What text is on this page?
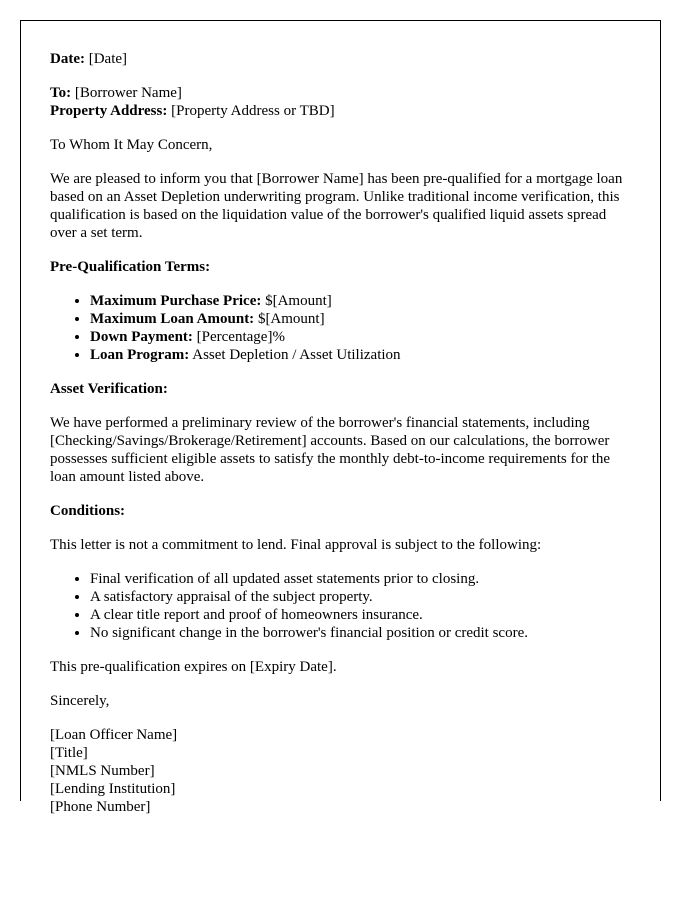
Date: [Date]

To: [Borrower Name]

Property Address: [Property Address or TBD]

To Whom It May Concern,

We are pleased to inform you that [Borrower Name] has been pre-qualified for a mortgage loan based on an Asset Depletion underwriting program. Unlike traditional income verification, this qualification is based on the liquidation value of the borrower's qualified liquid assets spread over a set term.

Pre-Qualification Terms:

• Maximum Purchase Price: $[Amount]
• Maximum Loan Amount: $[Amount]
• Down Payment: [Percentage]%
• Loan Program: Asset Depletion / Asset Utilization

Asset Verification:

We have performed a preliminary review of the borrower's financial statements, including [Checking/Savings/Brokerage/Retirement] accounts. Based on our calculations, the borrower possesses sufficient eligible assets to satisfy the monthly debt-to-income requirements for the loan amount listed above.

Conditions:

This letter is not a commitment to lend. Final approval is subject to the following:

• Final verification of all updated asset statements prior to closing.
• A satisfactory appraisal of the subject property.
• A clear title report and proof of homeowners insurance.
• No significant change in the borrower's financial position or credit score.

This pre-qualification expires on [Expiry Date].

Sincerely,

[Loan Officer Name]
[Title]
[NMLS Number]
[Lending Institution]
[Phone Number]
